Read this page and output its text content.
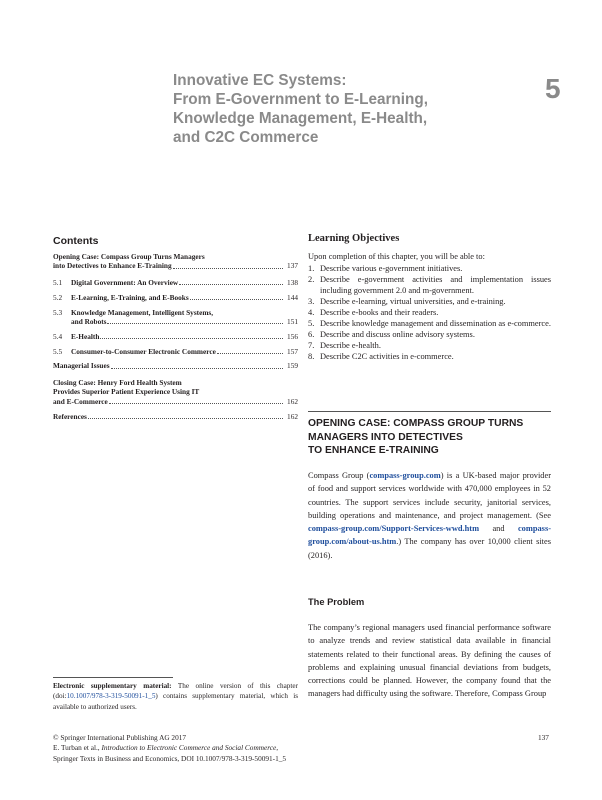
Innovative EC Systems:
From E-Government to E-Learning,
Knowledge Management, E-Health,
and C2C Commerce
5
Contents
Opening Case: Compass Group Turns Managers
into Detectives to Enhance E-Training	137
5.1	Digital Government: An Overview	138
5.2	E-Learning, E-Training, and E-Books	144
5.3	Knowledge Management, Intelligent Systems,
and Robots	151
5.4	E-Health	156
5.5	Consumer-to-Consumer Electronic Commerce	157
Managerial Issues	159
Closing Case: Henry Ford Health System
Provides Superior Patient Experience Using IT
and E-Commerce	162
References	162
Learning Objectives
Upon completion of this chapter, you will be able to:
1. Describe various e-government initiatives.
2. Describe e-government activities and implementation issues including government 2.0 and m-government.
3. Describe e-learning, virtual universities, and e-training.
4. Describe e-books and their readers.
5. Describe knowledge management and dissemination as e-commerce.
6. Describe and discuss online advisory systems.
7. Describe e-health.
8. Describe C2C activities in e-commerce.
OPENING CASE: COMPASS GROUP TURNS
MANAGERS INTO DETECTIVES
TO ENHANCE E-TRAINING
Compass Group (compass-group.com) is a UK-based major provider of food and support services worldwide with 470,000 employees in 52 countries. The support services include security, janitorial services, building operations and maintenance, and project management. (See compass-group.com/Support-Services-wwd.htm and compass-group.com/about-us.htm.) The company has over 10,000 client sites (2016).
The Problem
The company’s regional managers used financial performance software to analyze trends and review statistical data available in financial statements related to their functional areas. By defining the causes of problems and explaining unusual financial deviations from budgets, corrections could be planned. However, the company found that the managers had difficulty using the software. Therefore, Compass Group
Electronic supplementary material: The online version of this chapter (doi:10.1007/978-3-319-50091-1_5) contains supplementary material, which is available to authorized users.
© Springer International Publishing AG 2017
E. Turban et al., Introduction to Electronic Commerce and Social Commerce,
Springer Texts in Business and Economics, DOI 10.1007/978-3-319-50091-1_5
137
